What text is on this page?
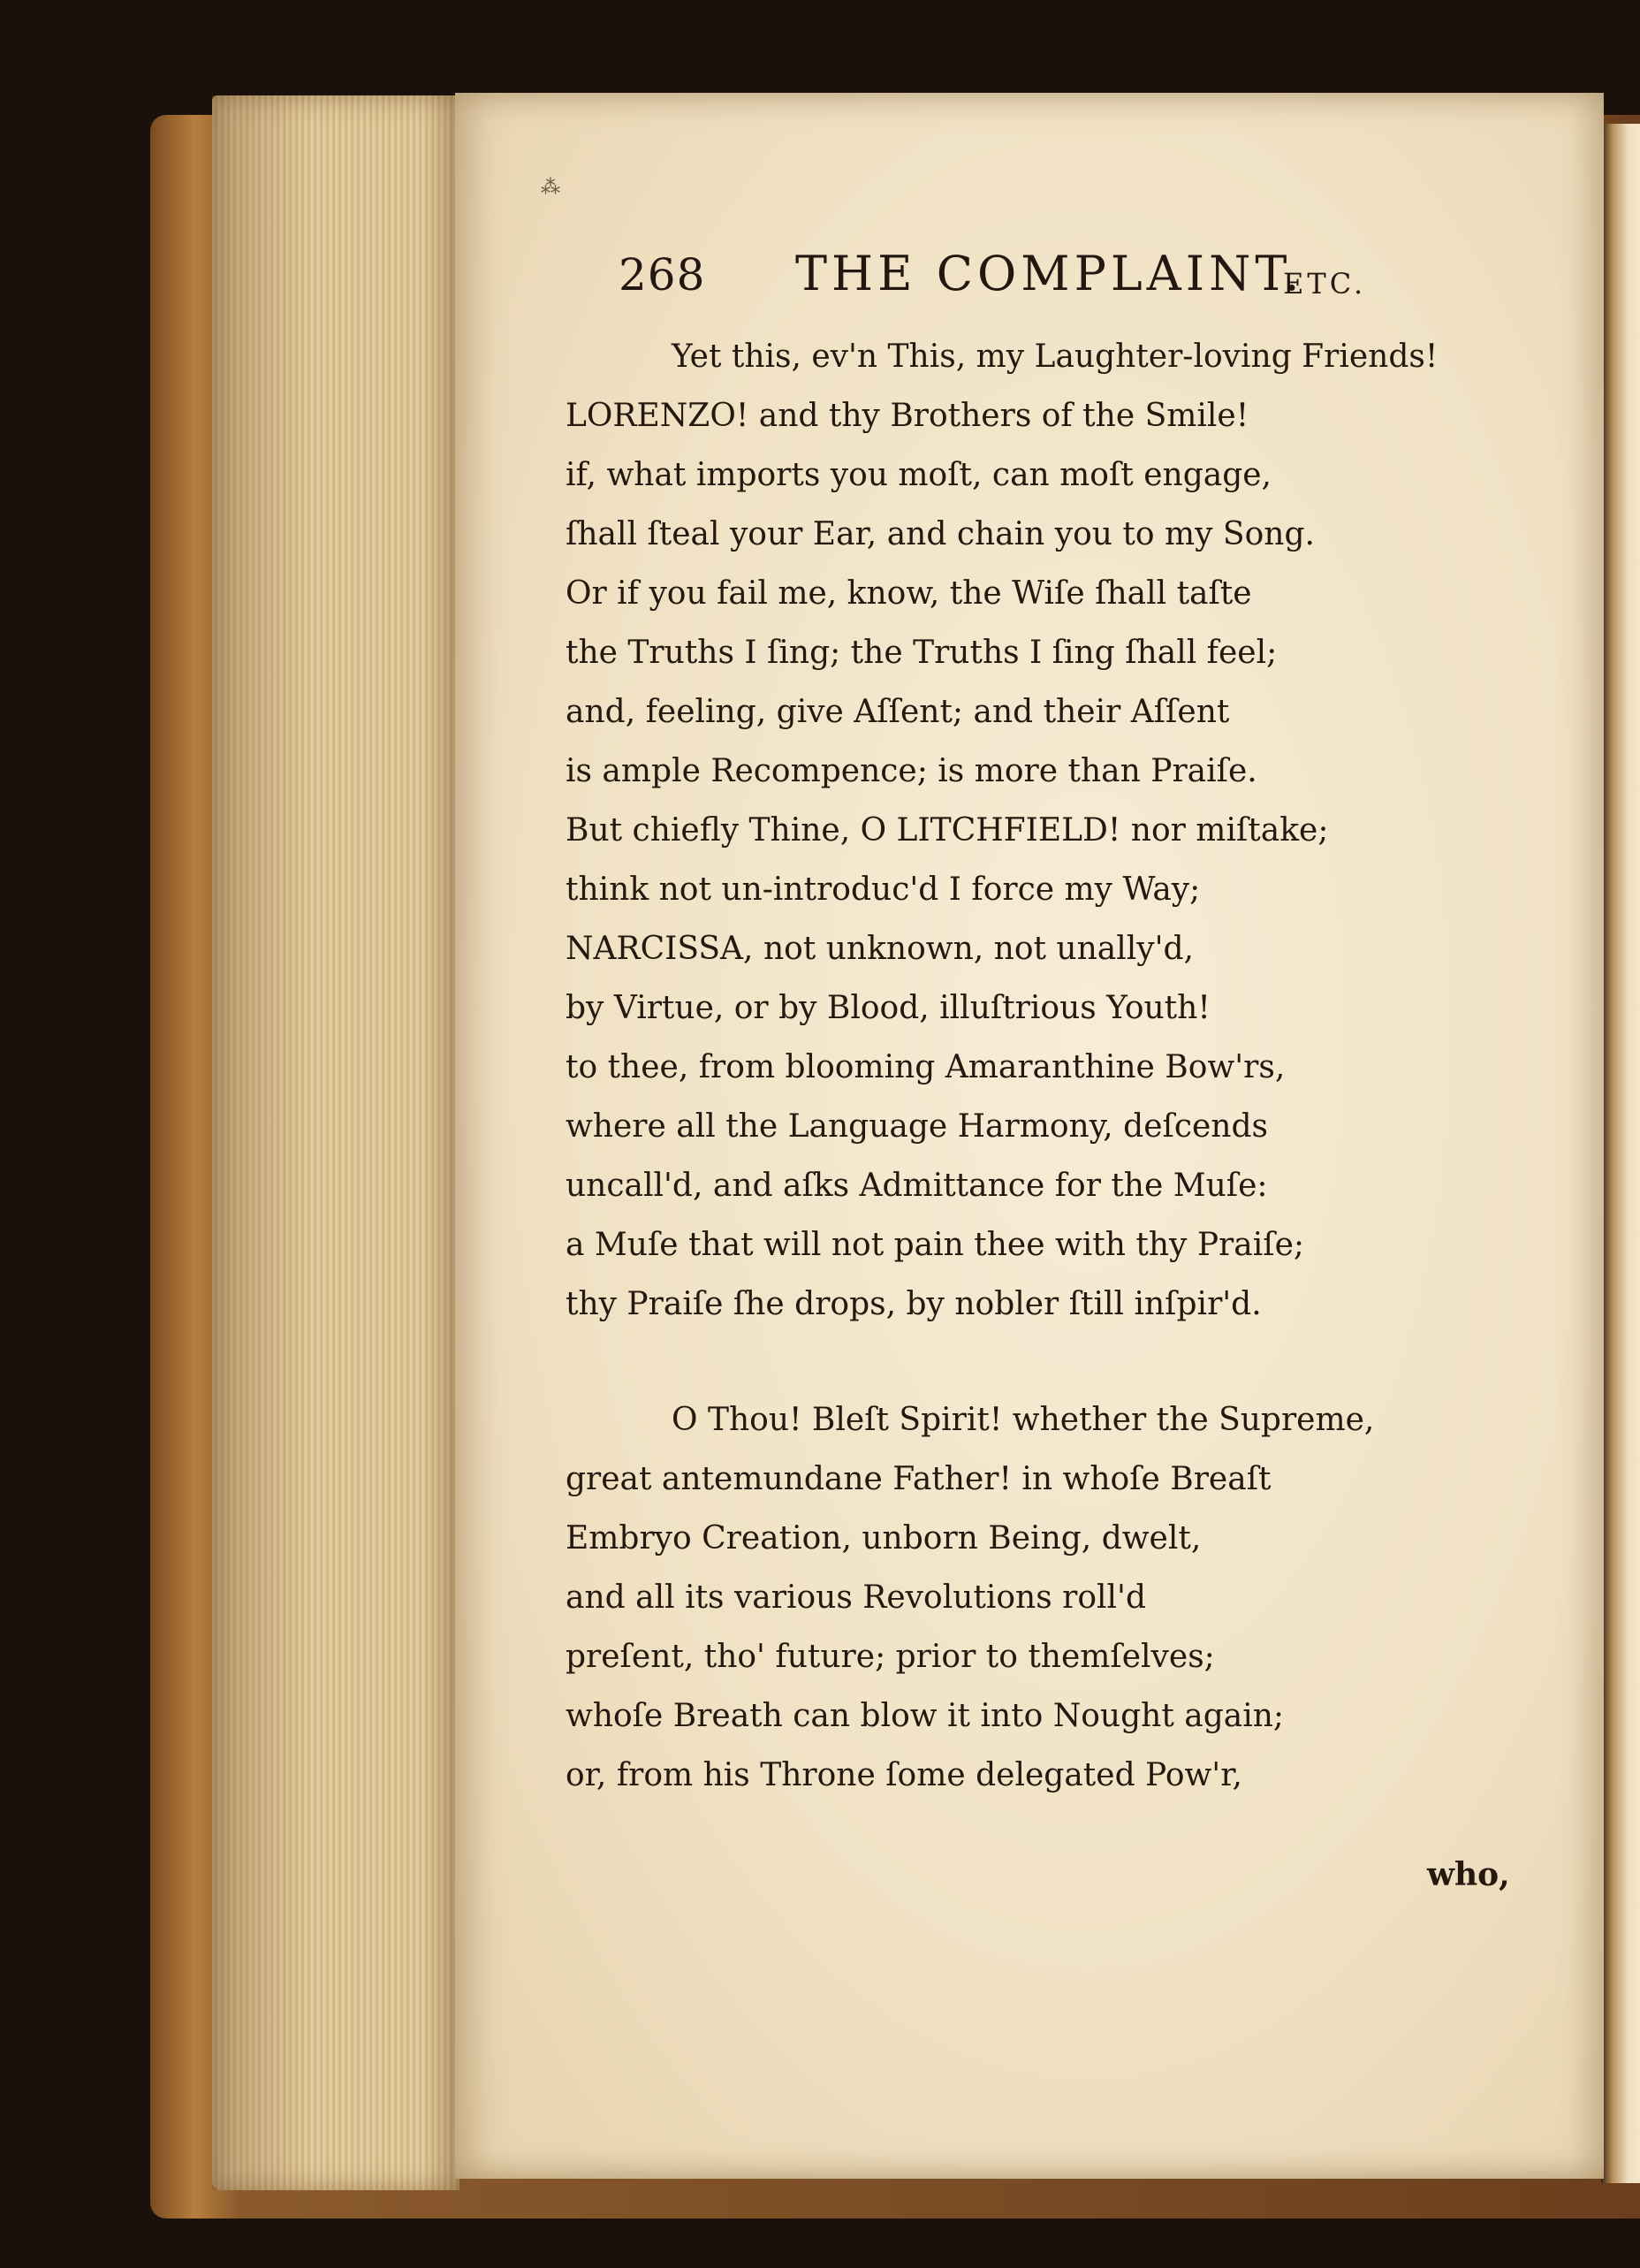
⁂
268 THE COMPLAINT.
ETC.
Yet this, ev'n This, my Laughter-loving Friends!
LORENZO! and thy Brothers of the Smile!
if, what imports you moſt, can moſt engage,
ſhall ſteal your Ear, and chain you to my Song.
Or if you fail me, know, the Wiſe ſhall taſte
the Truths I ſing; the Truths I ſing ſhall feel;
and, feeling, give Aſſent; and their Aſſent
is ample Recompence; is more than Praiſe.
But chiefly Thine, O LITCHFIELD! nor miſtake;
think not un-introduc'd I force my Way;
NARCISSA, not unknown, not unally'd,
by Virtue, or by Blood, illuſtrious Youth!
to thee, from blooming Amaranthine Bow'rs,
where all the Language Harmony, deſcends
uncall'd, and aſks Admittance for the Muſe:
a Muſe that will not pain thee with thy Praiſe;
thy Praiſe ſhe drops, by nobler ſtill inſpir'd.
O Thou! Bleſt Spirit! whether the Supreme,
great antemundane Father! in whoſe Breaſt
Embryo Creation, unborn Being, dwelt,
and all its various Revolutions roll'd
preſent, tho' future; prior to themſelves;
whoſe Breath can blow it into Nought again;
or, from his Throne ſome delegated Pow'r,
who,
